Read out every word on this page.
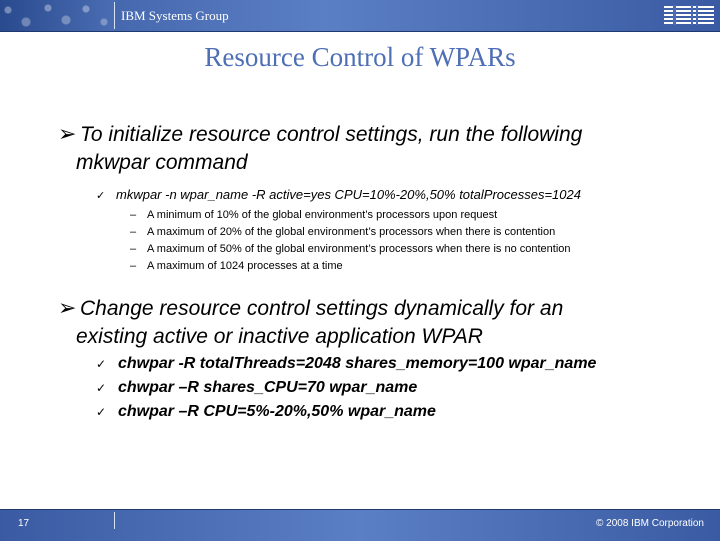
IBM Systems Group
Resource Control of WPARs
➢ To initialize resource control settings, run the following
mkwpar command
✓ mkwpar -n wpar_name -R active=yes CPU=10%-20%,50% totalProcesses=1024
– A minimum of 10% of the global environment’s processors upon request
– A maximum of 20% of the global environment’s processors when there is contention
– A maximum of 50% of the global environment’s processors when there is no contention
– A maximum of 1024 processes at a time
➢ Change resource control settings dynamically for an
existing active or inactive application WPAR
✓ chwpar -R totalThreads=2048 shares_memory=100 wpar_name
✓ chwpar –R shares_CPU=70 wpar_name
✓ chwpar –R CPU=5%-20%,50% wpar_name
17	© 2008 IBM Corporation
